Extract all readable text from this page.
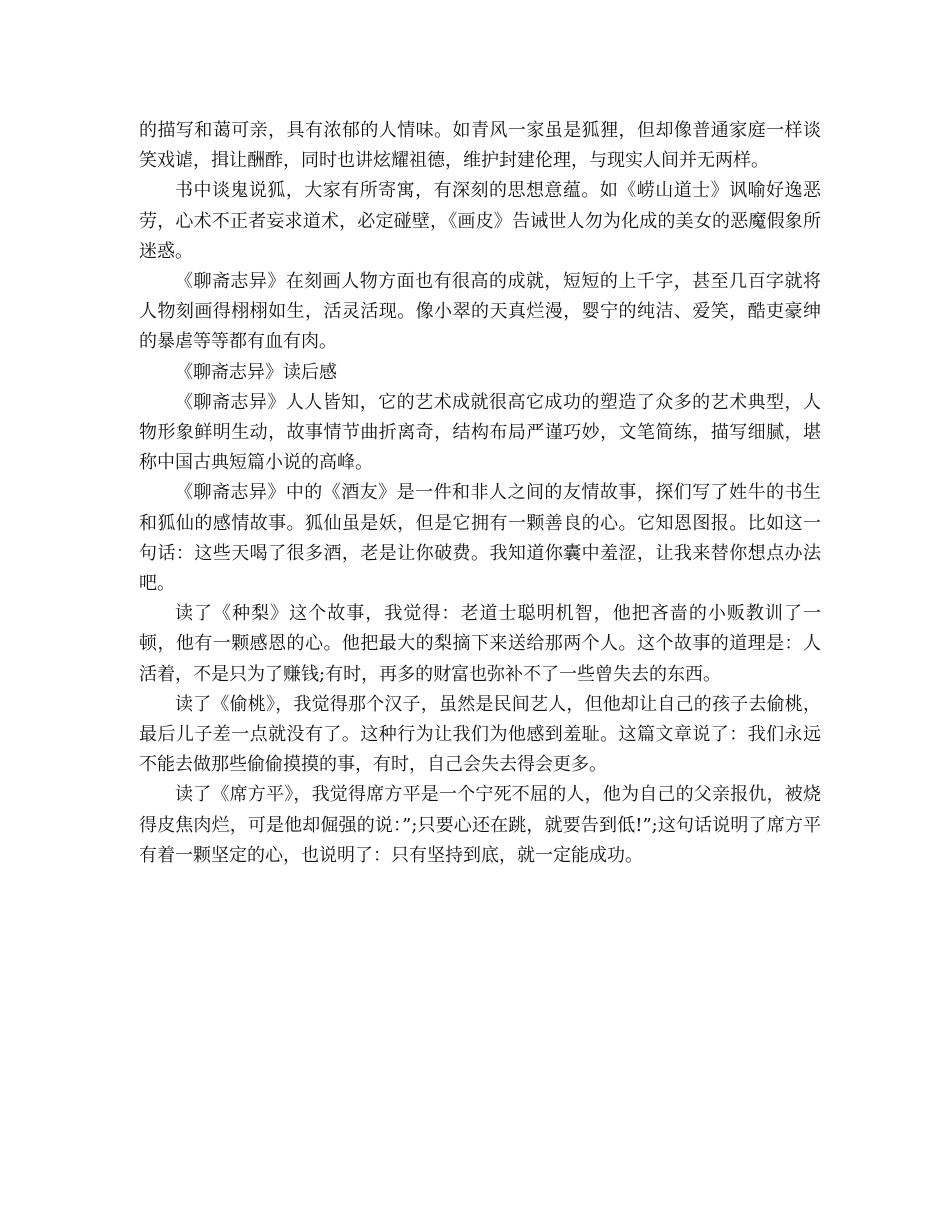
的描写和蔼可亲，具有浓郁的人情味。如青风一家虽是狐狸，但却像普通家庭一样谈笑戏谑，揖让酬酢，同时也讲炫耀祖德，维护封建伦理，与现实人间并无两样。

书中谈鬼说狐，大家有所寄寓，有深刻的思想意蕴。如《崂山道士》讽喻好逸恶劳，心术不正者妄求道术，必定碰壁，《画皮》告诫世人勿为化成的美女的恶魔假象所迷惑。

《聊斋志异》在刻画人物方面也有很高的成就，短短的上千字，甚至几百字就将人物刻画得栩栩如生，活灵活现。像小翠的天真烂漫，婴宁的纯洁、爱笑，酷吏豪绅的暴虐等等都有血有肉。

《聊斋志异》读后感

《聊斋志异》人人皆知，它的艺术成就很高它成功的塑造了众多的艺术典型，人物形象鲜明生动，故事情节曲折离奇，结构布局严谨巧妙，文笔简练，描写细腻，堪称中国古典短篇小说的高峰。

《聊斋志异》中的《酒友》是一件和非人之间的友情故事，探们写了姓牛的书生和狐仙的感情故事。狐仙虽是妖，但是它拥有一颗善良的心。它知恩图报。比如这一句话：这些天喝了很多酒，老是让你破费。我知道你囊中羞涩，让我来替你想点办法吧。

读了《种梨》这个故事，我觉得：老道士聪明机智，他把吝啬的小贩教训了一顿，他有一颗感恩的心。他把最大的梨摘下来送给那两个人。这个故事的道理是：人活着，不是只为了赚钱;有时，再多的财富也弥补不了一些曾失去的东西。

读了《偷桃》，我觉得那个汉子，虽然是民间艺人，但他却让自己的孩子去偷桃，最后儿子差一点就没有了。这种行为让我们为他感到羞耻。这篇文章说了：我们永远不能去做那些偷偷摸摸的事，有时，自己会失去得会更多。

读了《席方平》，我觉得席方平是一个宁死不屈的人，他为自己的父亲报仇，被烧得皮焦肉烂，可是他却倔强的说：”;只要心还在跳，就要告到低!”;这句话说明了席方平有着一颗坚定的心，也说明了：只有坚持到底，就一定能成功。
